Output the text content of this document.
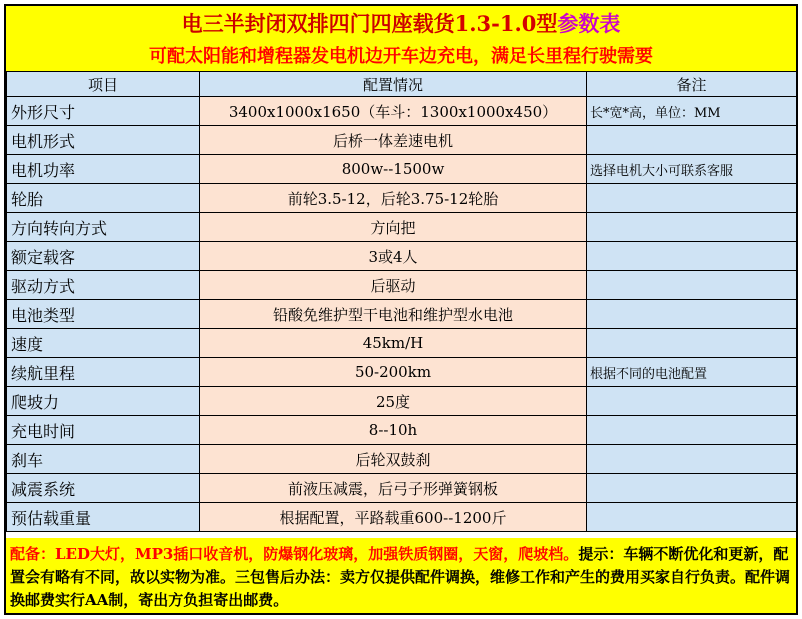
电三半封闭双排四门四座载货 1.3-1.0型 参数表
可配太阳能和增程器发电机边开车边充电，满足长里程行驶需要
项目	配置情况	备注
外形尺寸	3400x1000x1650（车斗：1300x1000x450）	长*宽*高，单位：MM
电机形式	后桥一体差速电机	
电机功率	800w--1500w	选择电机大小可联系客服
轮胎	前轮3.5-12，后轮3.75-12轮胎	
方向转向方式	方向把	
额定载客	3或4人	
驱动方式	后驱动	
电池类型	铅酸免维护型干电池和维护型水电池	
速度	45km/H	
续航里程	50-200km	根据不同的电池配置
爬坡力	25度	
充电时间	8--10h	
刹车	后轮双鼓刹	
减震系统	前液压减震，后弓子形弹簧钢板	
预估载重量	根据配置，平路载重600--1200斤	
配备：LED大灯，MP3插口收音机，防爆钢化玻璃，加强铁质钢圈，天窗，爬坡档。提示：车辆不断优化和更新，配置会有略有不同，故以实物为准。三包售后办法：卖方仅提供配件调换，维修工作和产生的费用买家自行负责。配件调换邮费实行AA制，寄出方负担寄出邮费。
